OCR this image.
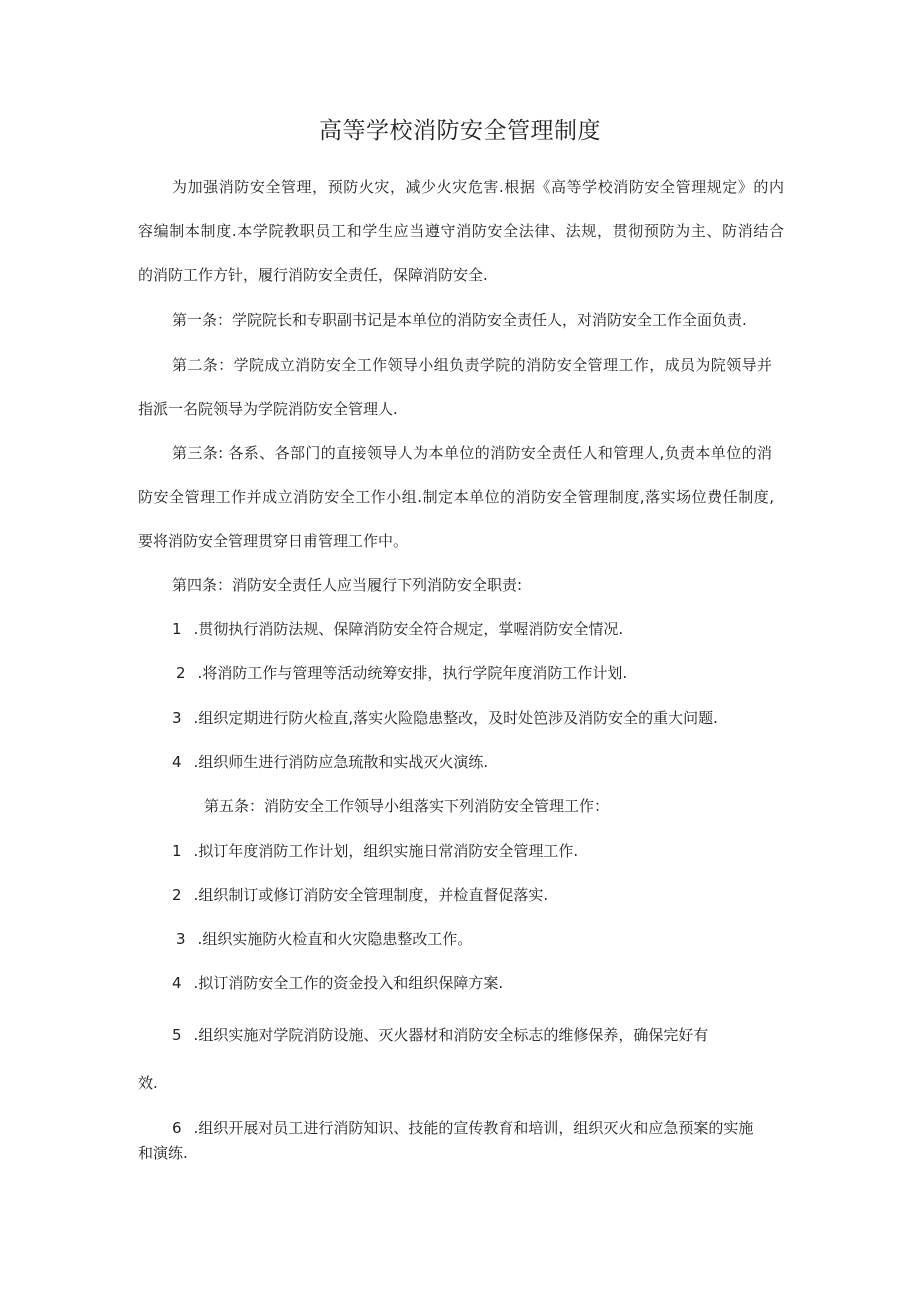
高等学校消防安全管理制度
为加强消防安全管理，预防火灾，减少火灾危害.根据《高等学校消防安全管理规定》的内
容编制本制度.本学院教职员工和学生应当遵守消防安全法律、法规，贯彻预防为主、防消结合
的消防工作方针，履行消防安全责任，保障消防安全.
第一条：学院院长和专职副书记是本单位的消防安全责任人，对消防安全工作全面负责.
第二条：学院成立消防安全工作领导小组负责学院的消防安全管理工作，成员为院领导并
指派一名院领导为学院消防安全管理人.
第三条: 各系、各部门的直接领导人为本单位的消防安全责任人和管理人,负责本单位的消
防安全管理工作并成立消防安全工作小组.制定本单位的消防安全管理制度,落实场位费任制度,
要将消防安全管理贯穿日甫管理工作中。
第四条：消防安全责任人应当履行下列消防安全职责:
1 .贯彻执行消防法规、保障消防安全符合规定，掌喔消防安全情况.
2 .将消防工作与管理等活动统筹安排，执行学院年度消防工作计划.
3 .组织定期进行防火检直,落实火险隐患整改，及时处笆涉及消防安全的重大问题.
4 .组织师生进行消防应急琉散和实战灭火演练.
第五条：消防安全工作领导小组落实下列消防安全管理工作：
1 .拟订年度消防工作计划，组织实施日常消防安全管理工作.
2 .组织制订或修订消防安全管理制度，并检直督促落实.
3 .组织实施防火检直和火灾隐患整改工作。
4 .拟订消防安全工作的资金投入和组织保障方案.
5 .组织实施对学院消防设施、灭火器材和消防安全标志的维修保养，确保完好有
效.
6 .组织开展对员工进行消防知识、技能的宣传教育和培训，组织灭火和应急预案的实施
和演练.
